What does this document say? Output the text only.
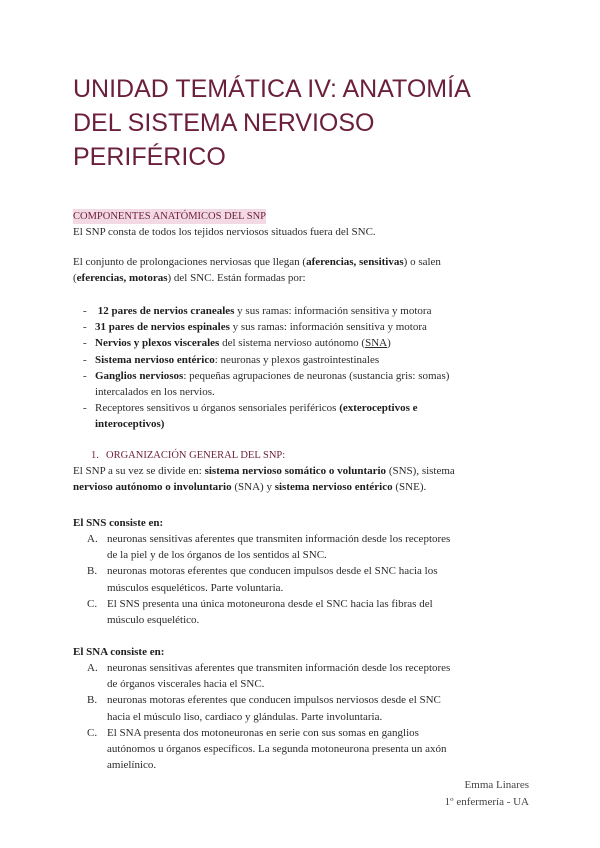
UNIDAD TEMÁTICA IV: ANATOMÍA
DEL SISTEMA NERVIOSO
PERIFÉRICO
COMPONENTES ANATÓMICOS DEL SNP

El SNP consta de todos los tejidos nerviosos situados fuera del SNC.

El conjunto de prolongaciones nerviosas que llegan (aferencias, sensitivas) o salen
(eferencias, motoras) del SNC. Están formadas por:

- 12 pares de nervios craneales y sus ramas: información sensitiva y motora
- 31 pares de nervios espinales y sus ramas: información sensitiva y motora
- Nervios y plexos viscerales del sistema nervioso autónomo (SNA)
- Sistema nervioso entérico: neuronas y plexos gastrointestinales
- Ganglios nerviosos: pequeñas agrupaciones de neuronas (sustancia gris: somas)
intercalados en los nervios.
- Receptores sensitivos u órganos sensoriales periféricos (exteroceptivos e
interoceptivos)
1. ORGANIZACIÓN GENERAL DEL SNP:

El SNP a su vez se divide en: sistema nervioso somático o voluntario (SNS), sistema
nervioso autónomo o involuntario (SNA) y sistema nervioso entérico (SNE).

El SNS consiste en:
A. neuronas sensitivas aferentes que transmiten información desde los receptores
de la piel y de los órganos de los sentidos al SNC.
B. neuronas motoras eferentes que conducen impulsos desde el SNC hacia los
músculos esqueléticos. Parte voluntaria.
C. El SNS presenta una única motoneurona desde el SNC hacia las fibras del
músculo esquelético.
El SNA consiste en:
A. neuronas sensitivas aferentes que transmiten información desde los receptores
de órganos viscerales hacia el SNC.
B. neuronas motoras eferentes que conducen impulsos nerviosos desde el SNC
hacia el músculo liso, cardiaco y glándulas. Parte involuntaria.
C. El SNA presenta dos motoneuronas en serie con sus somas en ganglios
autónomos u órganos específicos. La segunda motoneurona presenta un axón
amielínico.
Emma Linares
1º enfermería - UA
